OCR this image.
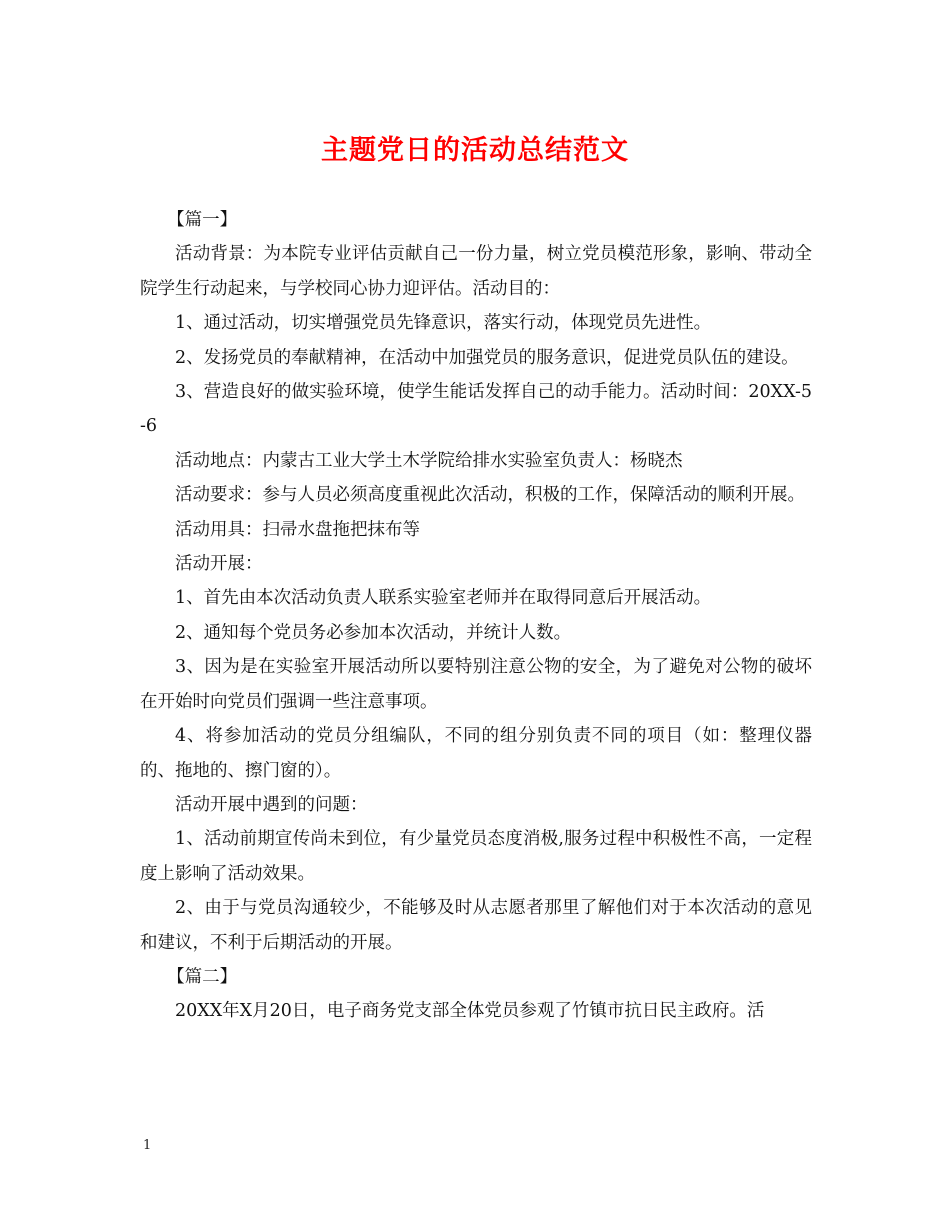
主题党日的活动总结范文

【篇一】

活动背景：为本院专业评估贡献自己一份力量，树立党员模范形象，影响、带动全院学生行动起来，与学校同心协力迎评估。活动目的：

1、通过活动，切实增强党员先锋意识，落实行动，体现党员先进性。

2、发扬党员的奉献精神，在活动中加强党员的服务意识，促进党员队伍的建设。

3、营造良好的做实验环境，使学生能话发挥自己的动手能力。活动时间：20XX-5-6

活动地点：内蒙古工业大学土木学院给排水实验室负责人：杨晓杰

活动要求：参与人员必须高度重视此次活动，积极的工作，保障活动的顺利开展。

活动用具：扫帚水盘拖把抹布等

活动开展：

1、首先由本次活动负责人联系实验室老师并在取得同意后开展活动。

2、通知每个党员务必参加本次活动，并统计人数。

3、因为是在实验室开展活动所以要特别注意公物的安全，为了避免对公物的破坏在开始时向党员们强调一些注意事项。

4、将参加活动的党员分组编队，不同的组分别负责不同的项目（如：整理仪器的、拖地的、擦门窗的）。

活动开展中遇到的问题：

1、活动前期宣传尚未到位，有少量党员态度消极,服务过程中积极性不高，一定程度上影响了活动效果。

2、由于与党员沟通较少，不能够及时从志愿者那里了解他们对于本次活动的意见和建议，不利于后期活动的开展。

【篇二】

20XX年X月20日，电子商务党支部全体党员参观了竹镇市抗日民主政府。活

1
